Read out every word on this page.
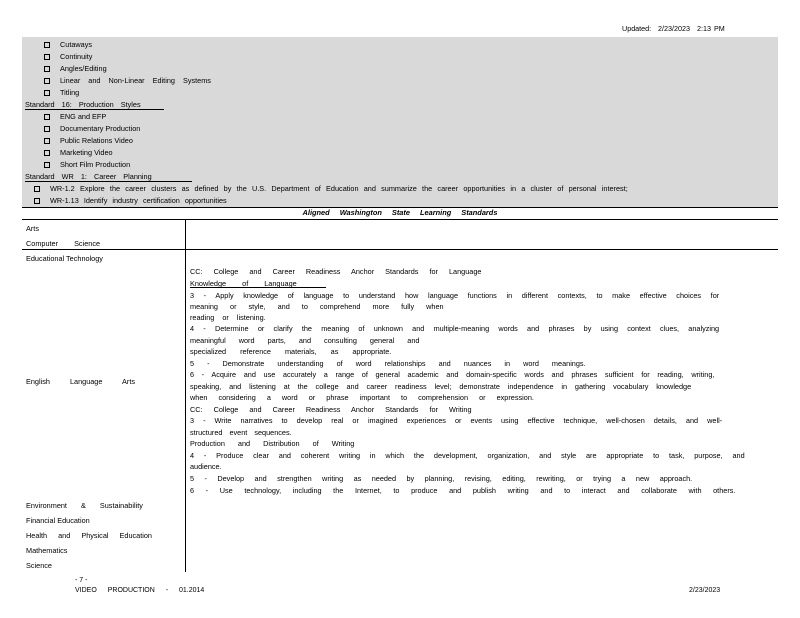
Updated: 2/23/2023 2:13 PM
Cutaways
Continuity
Angles/Editing
Linear and Non-Linear Editing Systems
Titling
Standard 16: Production Styles
ENG and EFP
Documentary Production
Public Relations Video
Marketing Video
Short Film Production
Standard WR 1: Career Planning
WR-1.2 Explore the career clusters as defined by the U.S. Department of Education and summarize the career opportunities in a cluster of personal interest;
WR-1.13 Identify industry certification opportunities
Aligned Washington State Learning Standards
Arts
Computer Science
Educational Technology
English Language Arts
Environment & Sustainability
Financial Education
Health and Physical Education
Mathematics
Science
CC: College and Career Readiness Anchor Standards for Language
Knowledge of Language
3 - Apply knowledge of language to understand how language functions in different contexts, to make effective choices for
meaning or style, and to comprehend more fully when
reading or listening.
4 - Determine or clarify the meaning of unknown and multiple-meaning words and phrases by using context clues, analyzing
meaningful word parts, and consulting general and
specialized reference materials, as appropriate.
5 - Demonstrate understanding of word relationships and nuances in word meanings.
6 - Acquire and use accurately a range of general academic and domain-specific words and phrases sufficient for reading, writing,
speaking, and listening at the college and career readiness level; demonstrate independence in gathering vocabulary knowledge
when considering a word or phrase important to comprehension or expression.
CC: College and Career Readiness Anchor Standards for Writing
3 - Write narratives to develop real or imagined experiences or events using effective technique, well-chosen details, and well-
structured event sequences.
Production and Distribution of Writing
4 - Produce clear and coherent writing in which the development, organization, and style are appropriate to task, purpose, and
audience.
5 - Develop and strengthen writing as needed by planning, revising, editing, rewriting, or trying a new approach.
6 - Use technology, including the Internet, to produce and publish writing and to interact and collaborate with others.
- 7 -
VIDEO PRODUCTION - 01.2014	2/23/2023
